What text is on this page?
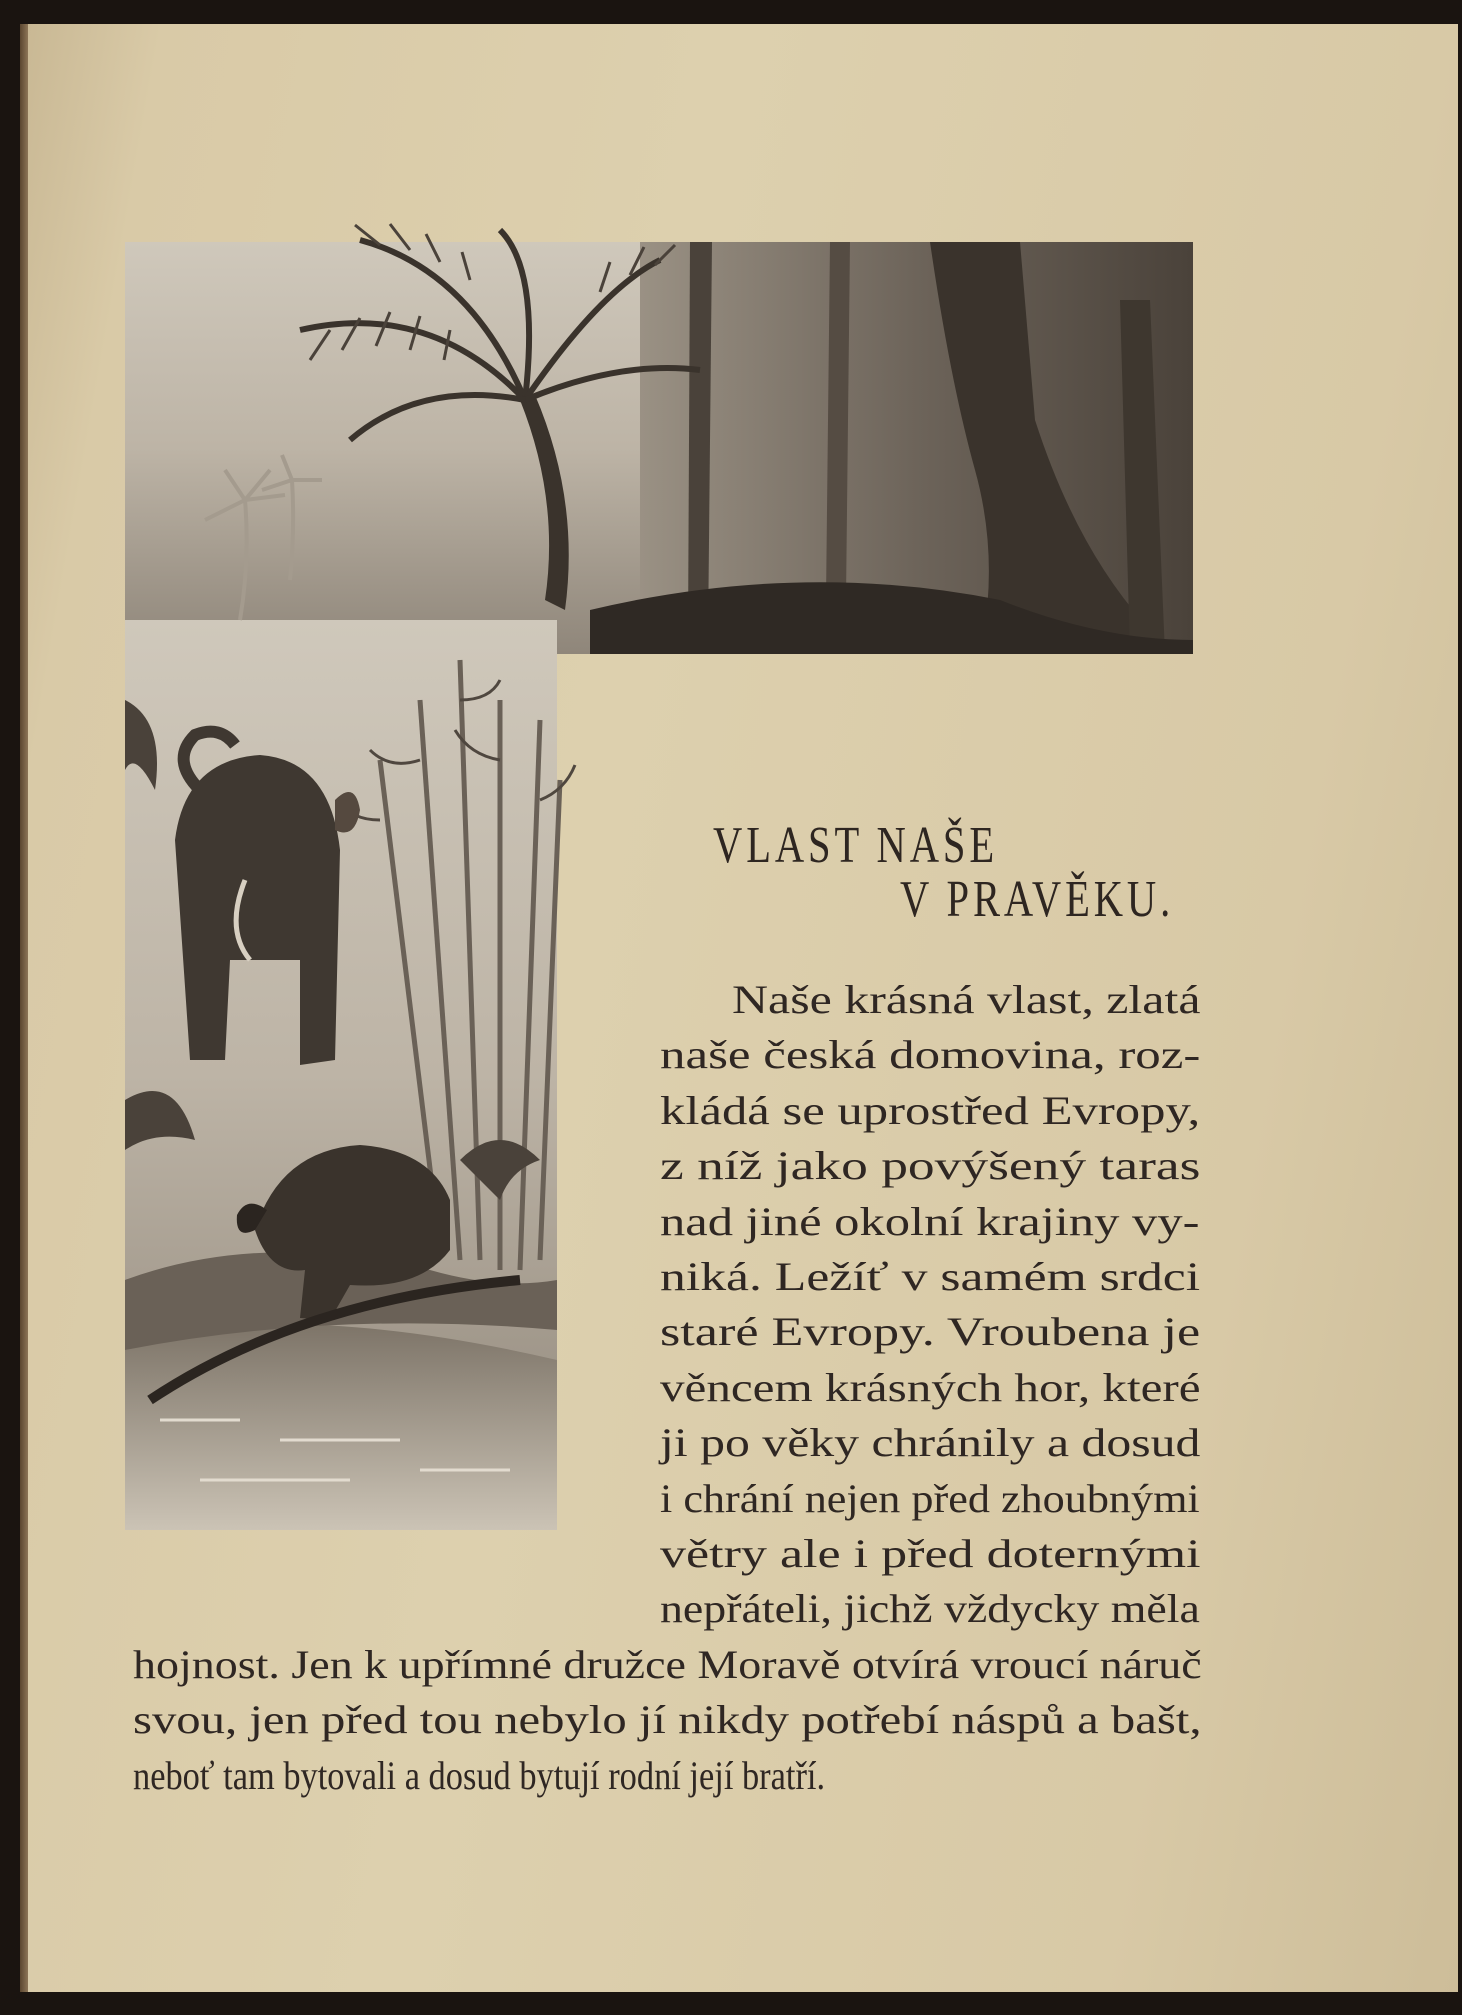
VLAST NAŠE
V PRAVĚKU.
Naše krásná vlast, zlatá
naše česká domovina, roz-
kládá se uprostřed Evropy,
z níž jako povýšený taras
nad jiné okolní krajiny vy-
niká. Ležíť v samém srdci
staré Evropy. Vroubena je
věncem krásných hor, které
ji po věky chránily a dosud
i chrání nejen před zhoubnými
větry ale i před doternými
nepřáteli, jichž vždycky měla
hojnost. Jen k upřímné družce Moravě otvírá vroucí náruč
svou, jen před tou nebylo jí nikdy potřebí náspů a bašt,
neboť tam bytovali a dosud bytují rodní její bratří.
